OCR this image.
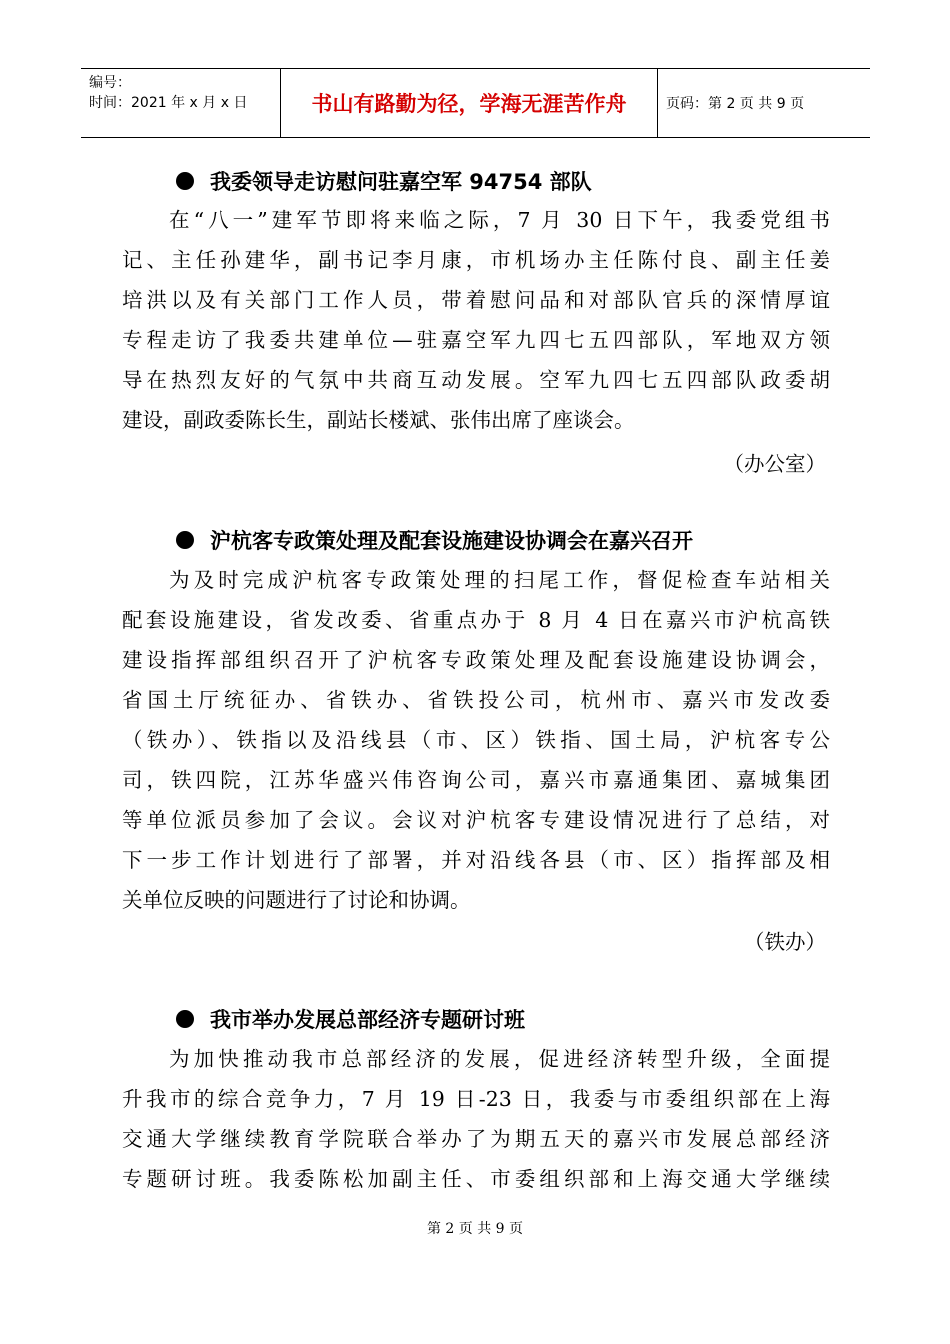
编号：
时间：2021 年 x 月 x 日	书山有路勤为径，学海无涯苦作舟	页码：第 2 页 共 9 页
我委领导走访慰问驻嘉空军 94754 部队
在“八一”建军节即将来临之际，7 月 30 日下午，我委党组书
记、主任孙建华，副书记李月康，市机场办主任陈付良、副主任姜
培洪以及有关部门工作人员，带着慰问品和对部队官兵的深情厚谊
专程走访了我委共建单位—驻嘉空军九四七五四部队，军地双方领
导在热烈友好的气氛中共商互动发展。空军九四七五四部队政委胡
建设，副政委陈长生，副站长楼斌、张伟出席了座谈会。
（办公室）
沪杭客专政策处理及配套设施建设协调会在嘉兴召开
为及时完成沪杭客专政策处理的扫尾工作，督促检查车站相关
配套设施建设，省发改委、省重点办于 8 月 4 日在嘉兴市沪杭高铁
建设指挥部组织召开了沪杭客专政策处理及配套设施建设协调会，
省国土厅统征办、省铁办、省铁投公司，杭州市、嘉兴市发改委
（铁办）、铁指以及沿线县（市、区）铁指、国土局，沪杭客专公
司，铁四院，江苏华盛兴伟咨询公司，嘉兴市嘉通集团、嘉城集团
等单位派员参加了会议。会议对沪杭客专建设情况进行了总结，对
下一步工作计划进行了部署，并对沿线各县（市、区）指挥部及相
关单位反映的问题进行了讨论和协调。
（铁办）
我市举办发展总部经济专题研讨班
为加快推动我市总部经济的发展，促进经济转型升级，全面提
升我市的综合竞争力，7 月 19 日-23 日，我委与市委组织部在上海
交通大学继续教育学院联合举办了为期五天的嘉兴市发展总部经济
专题研讨班。我委陈松加副主任、市委组织部和上海交通大学继续
第 2 页 共 9 页
